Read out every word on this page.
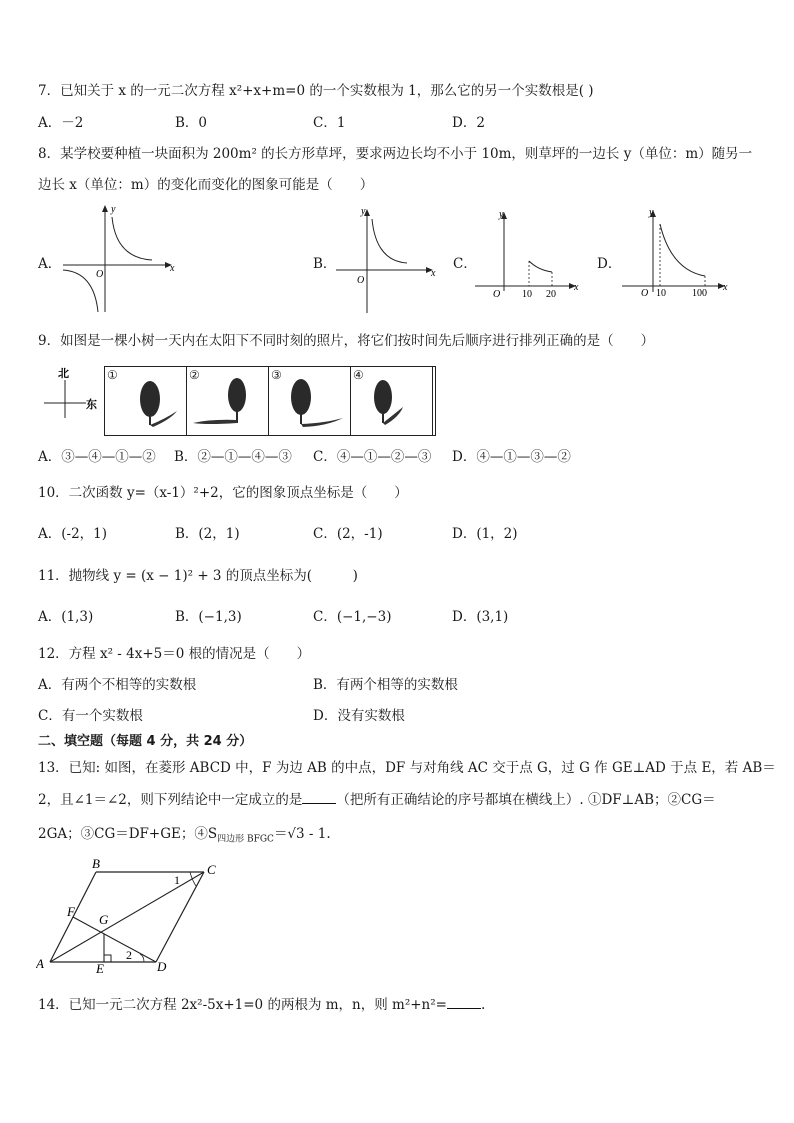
7．已知关于 x 的一元二次方程 x²+x+m=0 的一个实数根为 1，那么它的另一个实数根是( )
A．－2	B．0	C．1	D．2
8．某学校要种植一块面积为 200m² 的长方形草坪，要求两边长均不小于 10m，则草坪的一边长 y（单位：m）随另一
边长 x（单位：m）的变化而变化的图象可能是（　　）
A．
y
x
O
B．
y
x
O
C．
y
x
O 10 20
D．
y
x
O 10	100
9．如图是一棵小树一天内在太阳下不同时刻的照片，将它们按时间先后顺序进行排列正确的是（　　）
北
东
①	②	③	④
A．③—④—①—② B．②—①—④—③ C．④—①—②—③ D．④—①—③—②
10．二次函数 y=（x-1）²+2，它的图象顶点坐标是（　　）
A．(-2，1)	B．(2，1)	C．(2，-1)	D．(1，2)
11．抛物线 y = (x − 1)² + 3 的顶点坐标为(　　　)
A．(1,3)	B．(−1,3)	C．(−1,−3)	D．(3,1)
12．方程 x² - 4x+5＝0 根的情况是（　　）
A．有两个不相等的实数根	B．有两个相等的实数根
C．有一个实数根	D．没有实数根
二、填空题（每题 4 分，共 24 分）
13．已知: 如图，在菱形 ABCD 中，F 为边 AB 的中点，DF 与对角线 AC 交于点 G，过 G 作 GE⊥AD 于点 E，若 AB＝
2，且∠1＝∠2，则下列结论中一定成立的是	（把所有正确结论的序号都填在横线上）. ①DF⊥AB；②CG＝
2GA；③CG＝DF+GE；$④S_{四边形 BFGC}=√3 - 1$.
A
B	C
D
E
F
G
1
2
14．已知一元二次方程 2x²-5x+1=0 的两根为 m，n，则 m²+n²=	.
